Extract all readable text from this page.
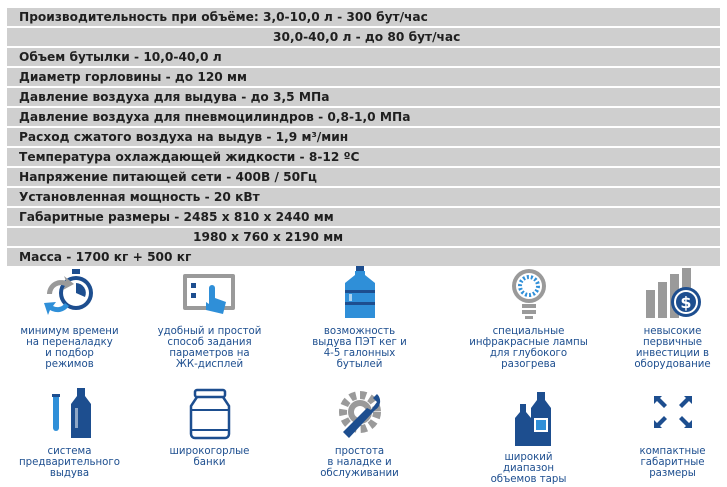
Производительность при объёме: 3,0-10,0 л - 300 бут/час
30,0-40,0 л - до 80 бут/час
Объем бутылки - 10,0-40,0 л
Диаметр горловины - до 120 мм
Давление воздуха для выдува - до 3,5 МПа
Давление воздуха для пневмоцилиндров - 0,8-1,0 МПа
Расход сжатого воздуха на выдув - 1,9 м³/мин
Температура охлаждающей жидкости - 8-12 ºС
Напряжение питающей сети - 400В / 50Гц
Установленная мощность - 20 кВт
Габаритные размеры - 2485 х 810 х 2440 мм
1980 х 760 х 2190 мм
Масса - 1700 кг + 500 кг
минимум времени
на переналадку
и подбор
режимов
удобный и простой
способ задания
параметров на
ЖК-дисплей
возможность
выдува ПЭТ кег и
4-5 галонных
бутылей
специальные
инфракрасные лампы
для глубокого
разогрева
$
невысокие
первичные
инвестиции в
оборудование
система
предварительного
выдува
широкогорлые
банки
простота
в наладке и
обслуживании
широкий
диапазон
объемов тары
компактные
габаритные
размеры
